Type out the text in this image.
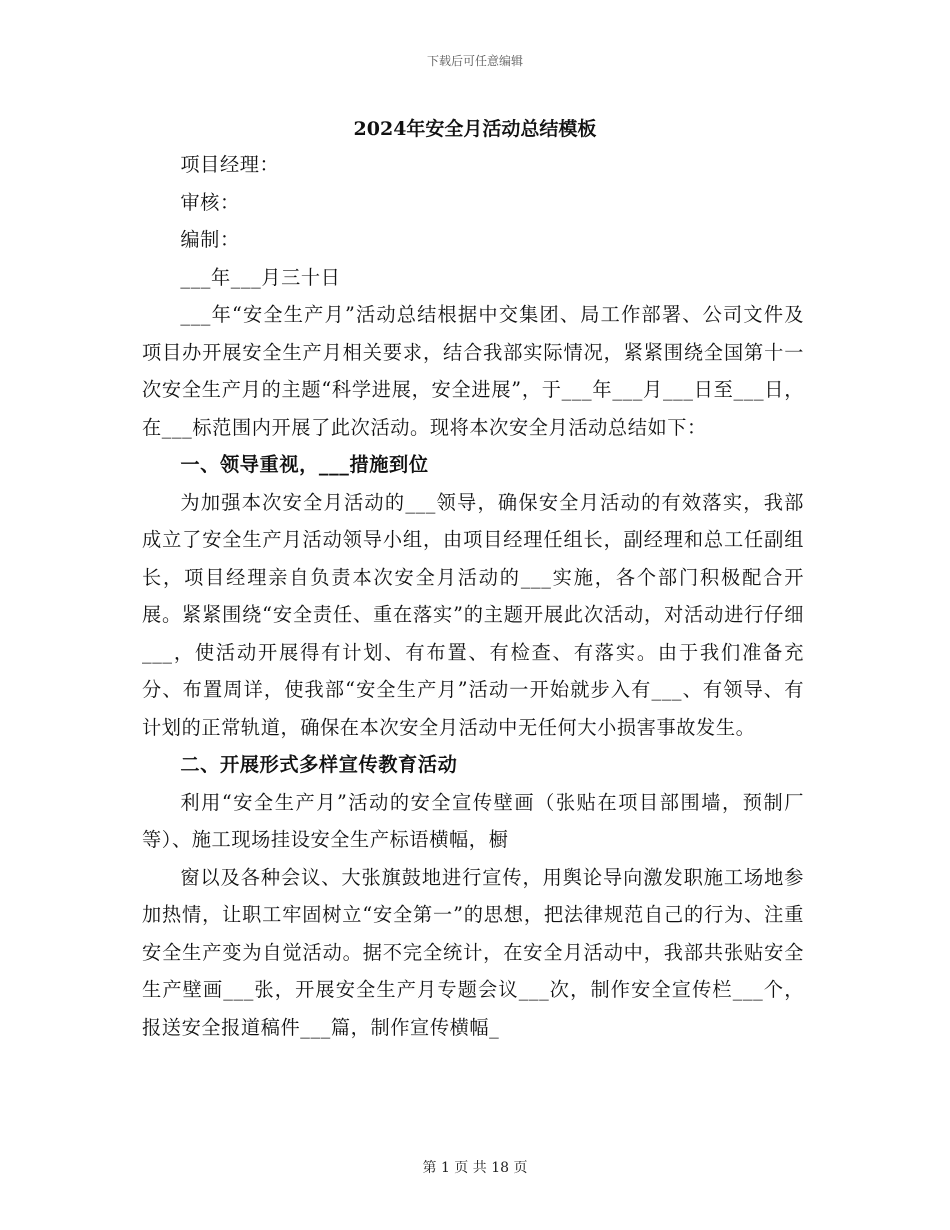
下载后可任意编辑
2024年安全月活动总结模板

项目经理：

审核：

编制：

___年___月三十日

___年“安全生产月”活动总结根据中交集团、局工作部署、公司文件及项目办开展安全生产月相关要求，结合我部实际情况，紧紧围绕全国第十一次安全生产月的主题“科学进展，安全进展”，于___年___月___日至___日，在___标范围内开展了此次活动。现将本次安全月活动总结如下：

一、领导重视，___措施到位

为加强本次安全月活动的___领导，确保安全月活动的有效落实，我部成立了安全生产月活动领导小组，由项目经理任组长，副经理和总工任副组长，项目经理亲自负责本次安全月活动的___实施，各个部门积极配合开展。紧紧围绕“安全责任、重在落实”的主题开展此次活动，对活动进行仔细___，使活动开展得有计划、有布置、有检查、有落实。由于我们准备充分、布置周详，使我部“安全生产月”活动一开始就步入有___、有领导、有计划的正常轨道，确保在本次安全月活动中无任何大小损害事故发生。

二、开展形式多样宣传教育活动

利用“安全生产月”活动的安全宣传壁画（张贴在项目部围墙，预制厂等）、施工现场挂设安全生产标语横幅，橱

窗以及各种会议、大张旗鼓地进行宣传，用舆论导向激发职施工场地参加热情，让职工牢固树立“安全第一”的思想，把法律规范自己的行为、注重安全生产变为自觉活动。据不完全统计，在安全月活动中，我部共张贴安全生产壁画___张，开展安全生产月专题会议___次，制作安全宣传栏___个，报送安全报道稿件___篇，制作宣传横幅_

第 1 页 共 18 页
